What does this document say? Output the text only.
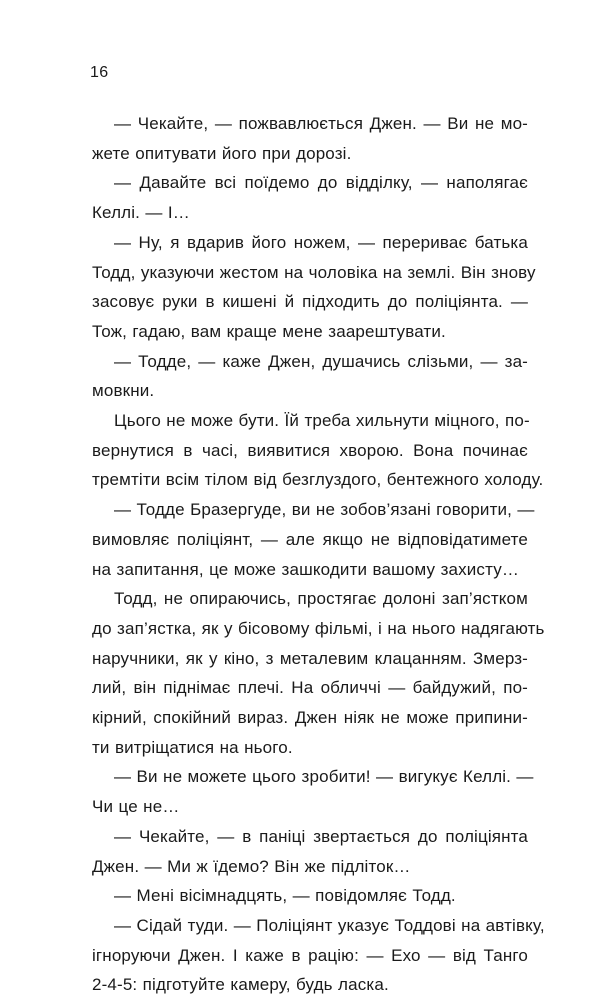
16

— Чекайте, — пожвавлюється Джен. — Ви не мо-
жете опитувати його при дорозі.

— Давайте всі поїдемо до відділку, — наполягає
Келлі. — І…

— Ну, я вдарив його ножем, — перериває батька
Тодд, указуючи жестом на чоловіка на землі. Він знову
засовує руки в кишені й підходить до поліціянта. —
Тож, гадаю, вам краще мене заарештувати.

— Тодде, — каже Джен, душачись слізьми, — за-
мовкни.

Цього не може бути. Їй треба хильнути міцного, по-
вернутися в часі, виявитися хворою. Вона починає
тремтіти всім тілом від безглуздого, бентежного холоду.

— Тодде Бразергуде, ви не зобов’язані говорити, —
вимовляє поліціянт, — але якщо не відповідатимете
на запитання, це може зашкодити вашому захисту…

Тодд, не опираючись, простягає долоні зап’ястком
до зап’ястка, як у бісовому фільмі, і на нього надягають
наручники, як у кіно, з металевим клацанням. Змерз-
лий, він піднімає плечі. На обличчі — байдужий, по-
кірний, спокійний вираз. Джен ніяк не може припини-
ти витріщатися на нього.

— Ви не можете цього зробити! — вигукує Келлі. —
Чи це не…

— Чекайте, — в паніці звертається до поліціянта
Джен. — Ми ж їдемо? Він же підліток…

— Мені вісімнадцять, — повідомляє Тодд.

— Сідай туди. — Поліціянт указує Тоддові на автівку,
ігноруючи Джен. І каже в рацію: — Ехо — від Танго
2-4-5: підготуйте камеру, будь ласка.
